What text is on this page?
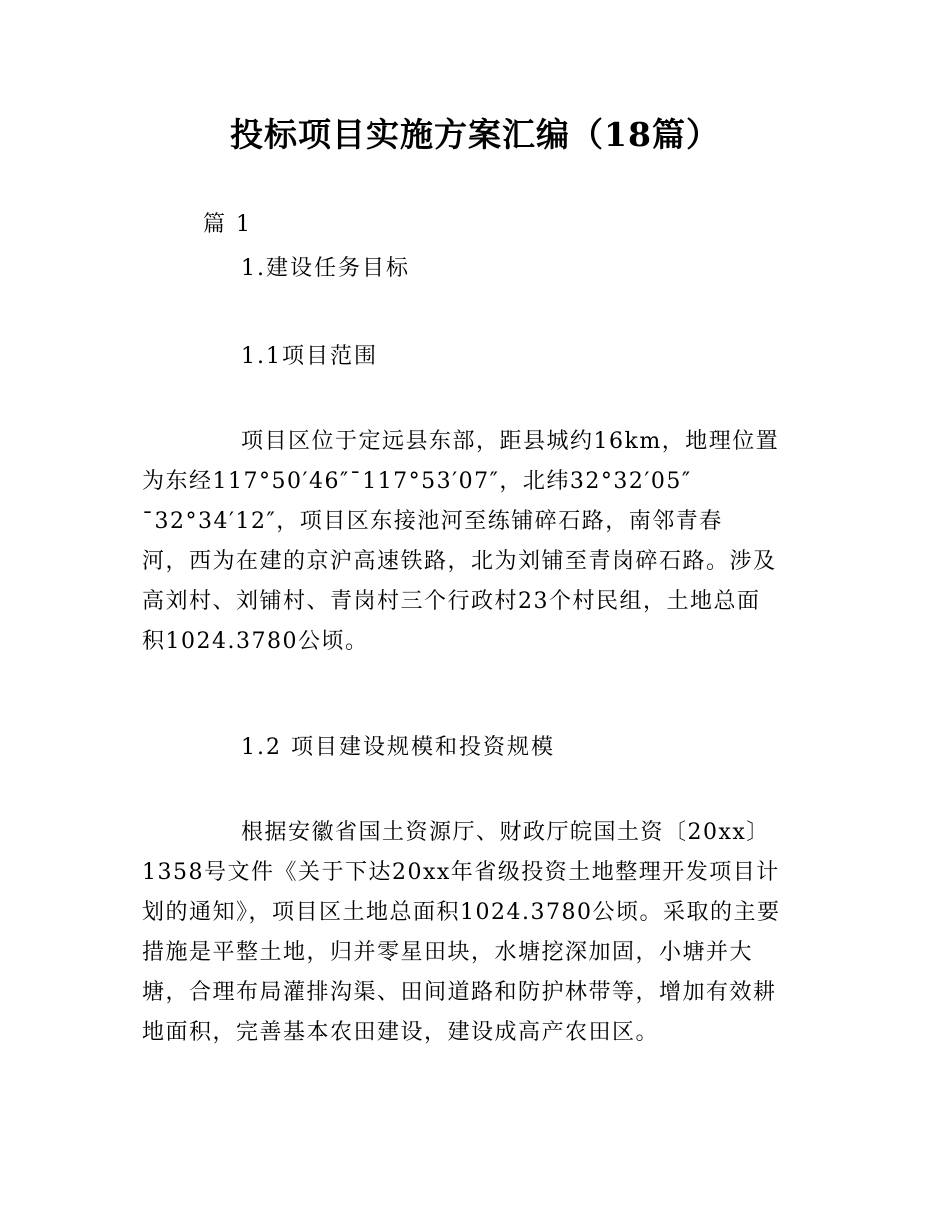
投标项目实施方案汇编（18篇）
篇 1
1.建设任务目标
1.1项目范围
项目区位于定远县东部，距县城约16km，地理位置
为东经117°50′46″¯117°53′07″，北纬32°32′05″
¯32°34′12″，项目区东接池河至练铺碎石路，南邻青春
河，西为在建的京沪高速铁路，北为刘铺至青岗碎石路。涉及
高刘村、刘铺村、青岗村三个行政村23个村民组，土地总面
积1024.3780公顷。
1.2 项目建设规模和投资规模
根据安徽省国土资源厅、财政厅皖国土资〔20xx〕
1358号文件《关于下达20xx年省级投资土地整理开发项目计
划的通知》，项目区土地总面积1024.3780公顷。采取的主要
措施是平整土地，归并零星田块，水塘挖深加固，小塘并大
塘，合理布局灌排沟渠、田间道路和防护林带等，增加有效耕
地面积，完善基本农田建设，建设成高产农田区。
